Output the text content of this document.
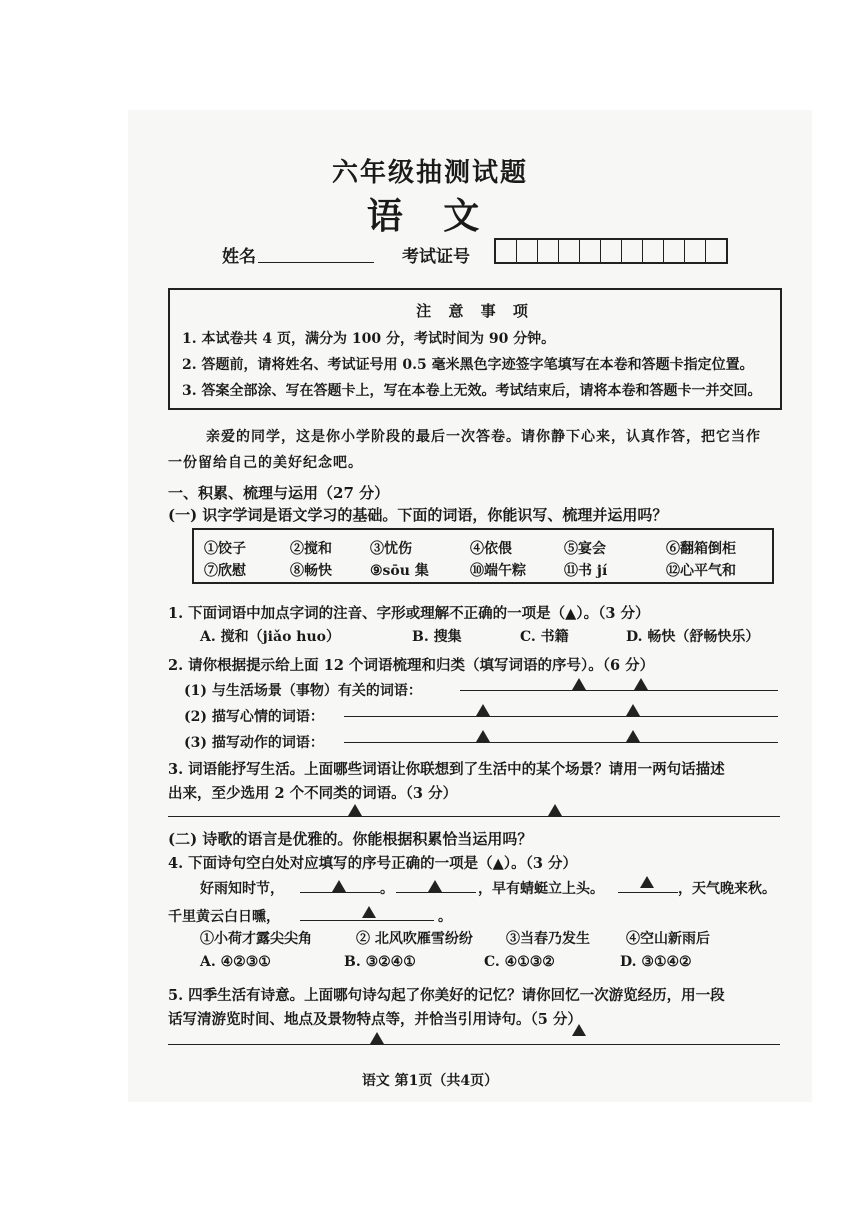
六年级抽测试题
语 文
姓名	考试证号
注 意 事 项
1. 本试卷共 4 页，满分为 100 分，考试时间为 90 分钟。
2. 答题前，请将姓名、考试证号用 0.5 毫米黑色字迹签字笔填写在本卷和答题卡指定位置。
3. 答案全部涂、写在答题卡上，写在本卷上无效。考试结束后，请将本卷和答题卡一并交回。
亲爱的同学，这是你小学阶段的最后一次答卷。请你静下心来，认真作答，把它当作
一份留给自己的美好纪念吧。
一、积累、梳理与运用（27 分）
(一) 识字学词是语文学习的基础。下面的词语，你能识写、梳理并运用吗？
①饺子	②搅和	③忧伤	④依偎	⑤宴会	⑥翻箱倒柜
⑦欣慰	⑧畅快	⑨sōu 集	⑩端午粽	⑪书 jí	⑫心平气和
1. 下面词语中加点字词的注音、字形或理解不正确的一项是（▲）。（3 分）
A. 搅和（jiǎo huo）	B. 搜集	C. 书籍	D. 畅快（舒畅快乐）
2. 请你根据提示给上面 12 个词语梳理和归类（填写词语的序号）。（6 分）
(1) 与生活场景（事物）有关的词语：
(2) 描写心情的词语：
(3) 描写动作的词语：
3. 词语能抒写生活。上面哪些词语让你联想到了生活中的某个场景？请用一两句话描述
出来，至少选用 2 个不同类的词语。（3 分）
(二) 诗歌的语言是优雅的。你能根据积累恰当运用吗？
4. 下面诗句空白处对应填写的序号正确的一项是（▲）。（3 分）
好雨知时节，	。	，早有蜻蜓立上头。	，天气晚来秋。
千里黄云白日曛，	。
①小荷才露尖尖角	② 北风吹雁雪纷纷 ③当春乃发生	④空山新雨后
A. ④②③①	B. ③②④①	C. ④①③②	D. ③①④②
5. 四季生活有诗意。上面哪句诗勾起了你美好的记忆？请你回忆一次游览经历，用一段
话写清游览时间、地点及景物特点等，并恰当引用诗句。（5 分）
语文 第1页（共4页）
